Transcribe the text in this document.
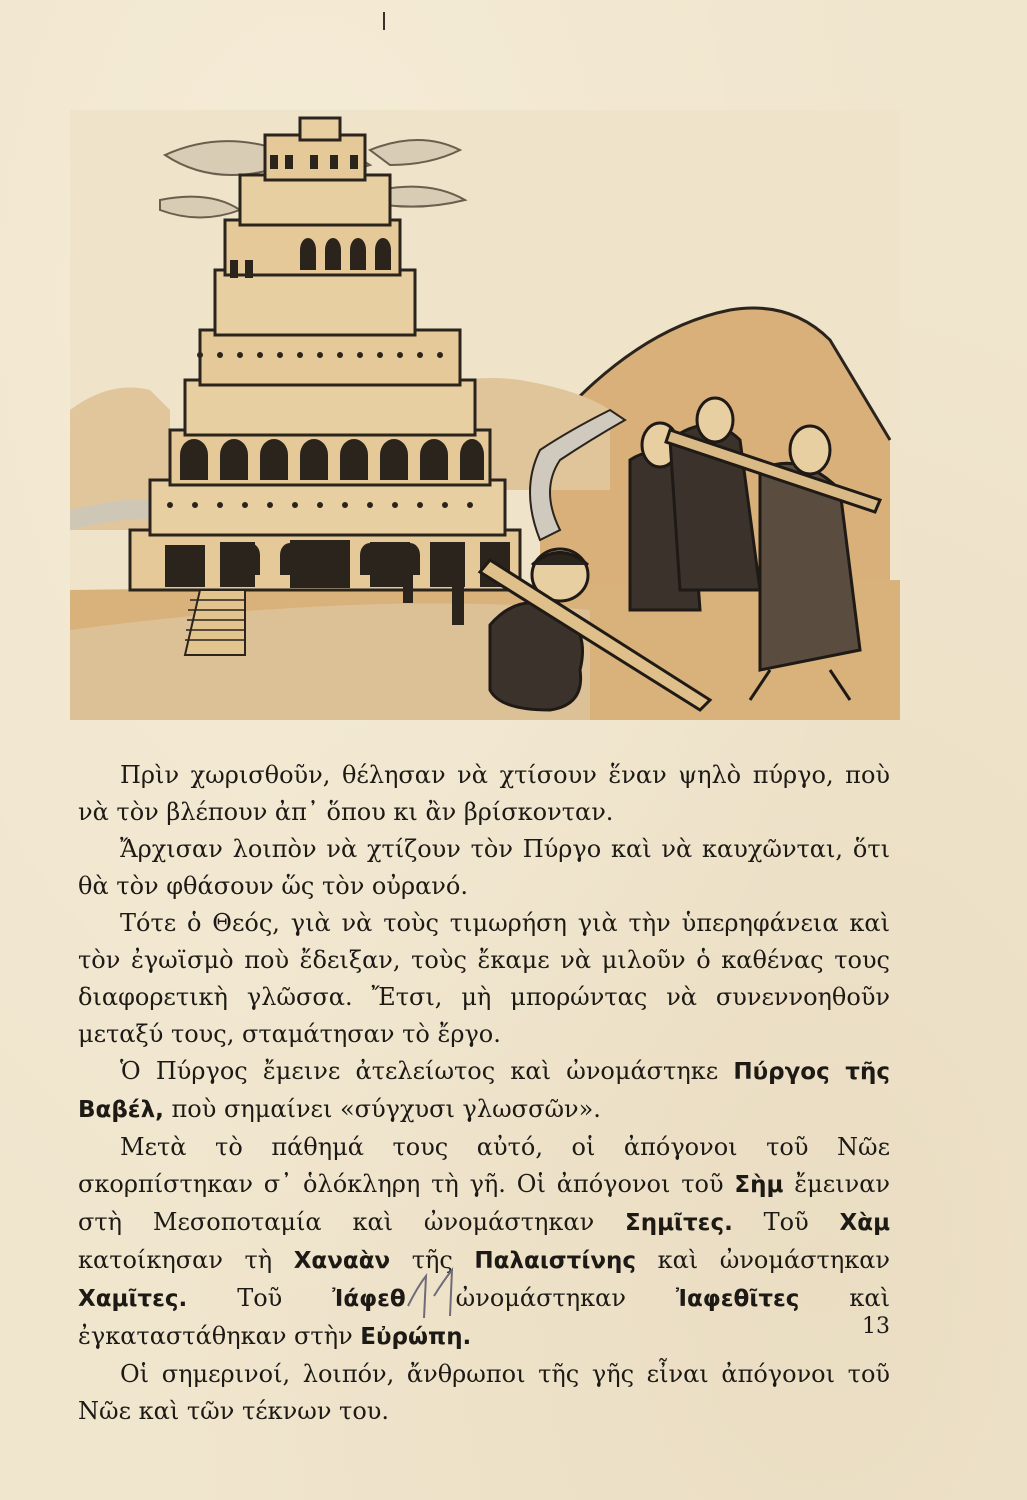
Πρὶν χωρισθοῦν, θέλησαν νὰ χτίσουν ἕναν ψηλὸ πύργο, ποὺ νὰ τὸν βλέπουν ἀπ᾽ ὅπου κι ἂν βρίσκονταν.

Ἄρχισαν λοιπὸν νὰ χτίζουν τὸν Πύργο καὶ νὰ καυχῶνται, ὅτι θὰ τὸν φθάσουν ὥς τὸν οὐρανό.

Τότε ὁ Θεός, γιὰ νὰ τοὺς τιμωρήση γιὰ τὴν ὑπερηφάνεια καὶ τὸν ἐγωϊσμὸ ποὺ ἔδειξαν, τοὺς ἔκαμε νὰ μιλοῦν ὁ καθένας τους διαφορετικὴ γλῶσσα. Ἔτσι, μὴ μπορώντας νὰ συνεννοηθοῦν μεταξύ τους, σταμάτησαν τὸ ἔργο.

Ὁ Πύργος ἔμεινε ἀτελείωτος καὶ ὠνομάστηκε Πύργος τῆς Βαβέλ, ποὺ σημαίνει «σύγχυσι γλωσσῶν».

Μετὰ τὸ πάθημά τους αὐτό, οἱ ἀπόγονοι τοῦ Νῶε σκορπίστηκαν σ᾽ ὁλόκληρη τὴ γῆ. Οἱ ἀπόγονοι τοῦ Σὴμ ἔμειναν στὴ Μεσοποταμία καὶ ὠνομάστηκαν Σημῖτες. Τοῦ Χὰμ κατοίκησαν τὴ Χαναὰν τῆς Παλαιστίνης καὶ ὠνομάστηκαν Χαμῖτες. Τοῦ Ἰάφεθ ὠνομάστηκαν Ἰαφεθῖτες καὶ ἐγκαταστάθηκαν στὴν Εὐρώπη.

Οἱ σημερινοί, λοιπόν, ἄνθρωποι τῆς γῆς εἶναι ἀπόγονοι τοῦ Νῶε καὶ τῶν τέκνων του.

13
